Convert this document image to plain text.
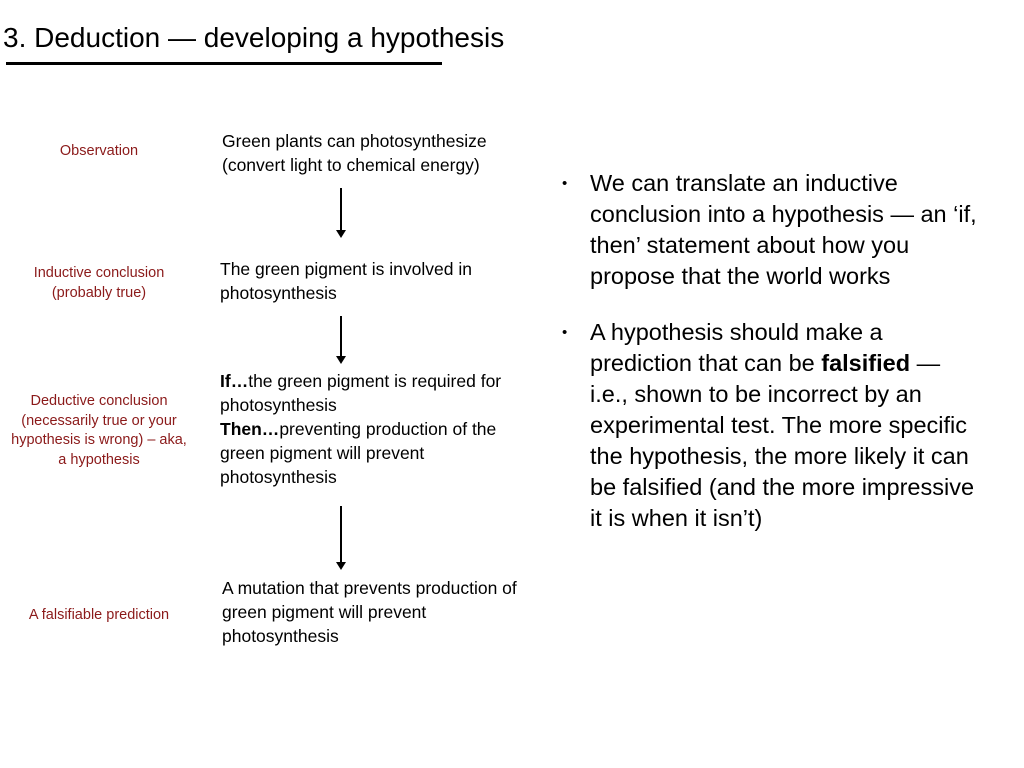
3. Deduction — developing a hypothesis
Observation
Inductive conclusion (probably true)
Deductive conclusion (necessarily true or your hypothesis is wrong) – aka, a hypothesis
A falsifiable prediction
Green plants can photosynthesize (convert light to chemical energy)
The green pigment is involved in photosynthesis
If…the green pigment is required for photosynthesis
Then…preventing production of the green pigment will prevent photosynthesis
A mutation that prevents production of green pigment will prevent photosynthesis
• We can translate an inductive conclusion into a hypothesis — an ‘if, then’ statement about how you propose that the world works
• A hypothesis should make a prediction that can be falsified — i.e., shown to be incorrect by an experimental test. The more specific the hypothesis, the more likely it can be falsified (and the more impressive it is when it isn’t)
